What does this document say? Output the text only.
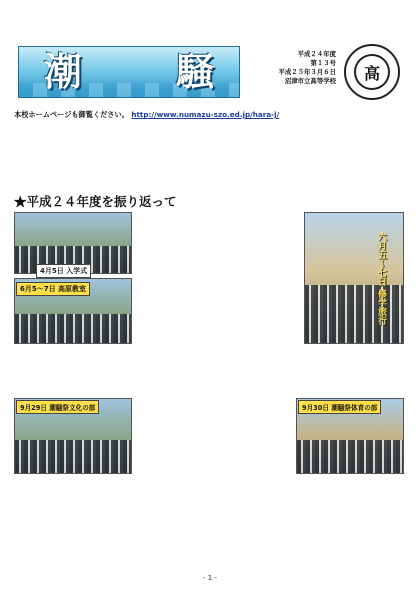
潮 騒	平成２４年度
第１３号
平成２５年３月６日
沼津市立高等学校	高
本校ホームページも御覧ください。 http://www.numazu-szo.ed.jp/hara-j/
★平成２４年度を振り返って
4月5日 入学式
6月5～7日 高原教室	六月五～七日 修学旅行
9月29日 潮騒祭文化の部	9月30日 潮騒祭体育の部
- 1 -
